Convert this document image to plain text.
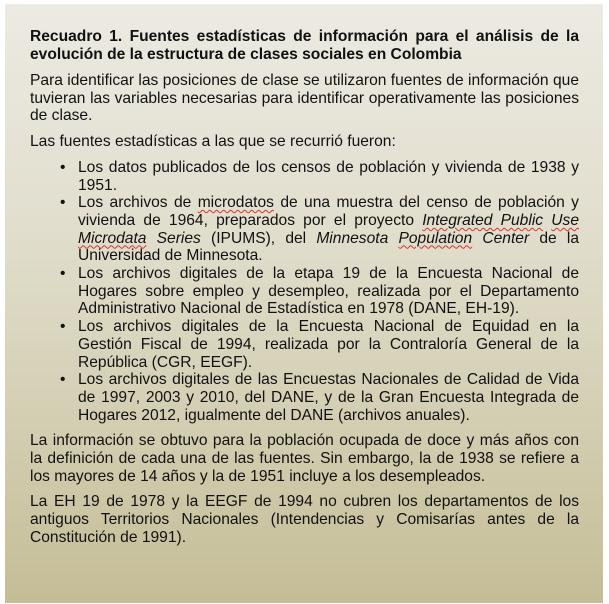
Recuadro 1. Fuentes estadísticas de información para el análisis de la evolución de la estructura de clases sociales en Colombia

Para identificar las posiciones de clase se utilizaron fuentes de información que tuvieran las variables necesarias para identificar operativamente las posiciones de clase.

Las fuentes estadísticas a las que se recurrió fueron:

• Los datos publicados de los censos de población y vivienda de 1938 y 1951.
• Los archivos de microdatos de una muestra del censo de población y vivienda de 1964, preparados por el proyecto Integrated Public Use Microdata Series (IPUMS), del Minnesota Population Center de la Universidad de Minnesota.
• Los archivos digitales de la etapa 19 de la Encuesta Nacional de Hogares sobre empleo y desempleo, realizada por el Departamento Administrativo Nacional de Estadística en 1978 (DANE, EH-19).
• Los archivos digitales de la Encuesta Nacional de Equidad en la Gestión Fiscal de 1994, realizada por la Contraloría General de la República (CGR, EEGF).
• Los archivos digitales de las Encuestas Nacionales de Calidad de Vida de 1997, 2003 y 2010, del DANE, y de la Gran Encuesta Integrada de Hogares 2012, igualmente del DANE (archivos anuales).

La información se obtuvo para la población ocupada de doce y más años con la definición de cada una de las fuentes. Sin embargo, la de 1938 se refiere a los mayores de 14 años y la de 1951 incluye a los desempleados.

La EH 19 de 1978 y la EEGF de 1994 no cubren los departamentos de los antiguos Territorios Nacionales (Intendencias y Comisarías antes de la Constitución de 1991).
